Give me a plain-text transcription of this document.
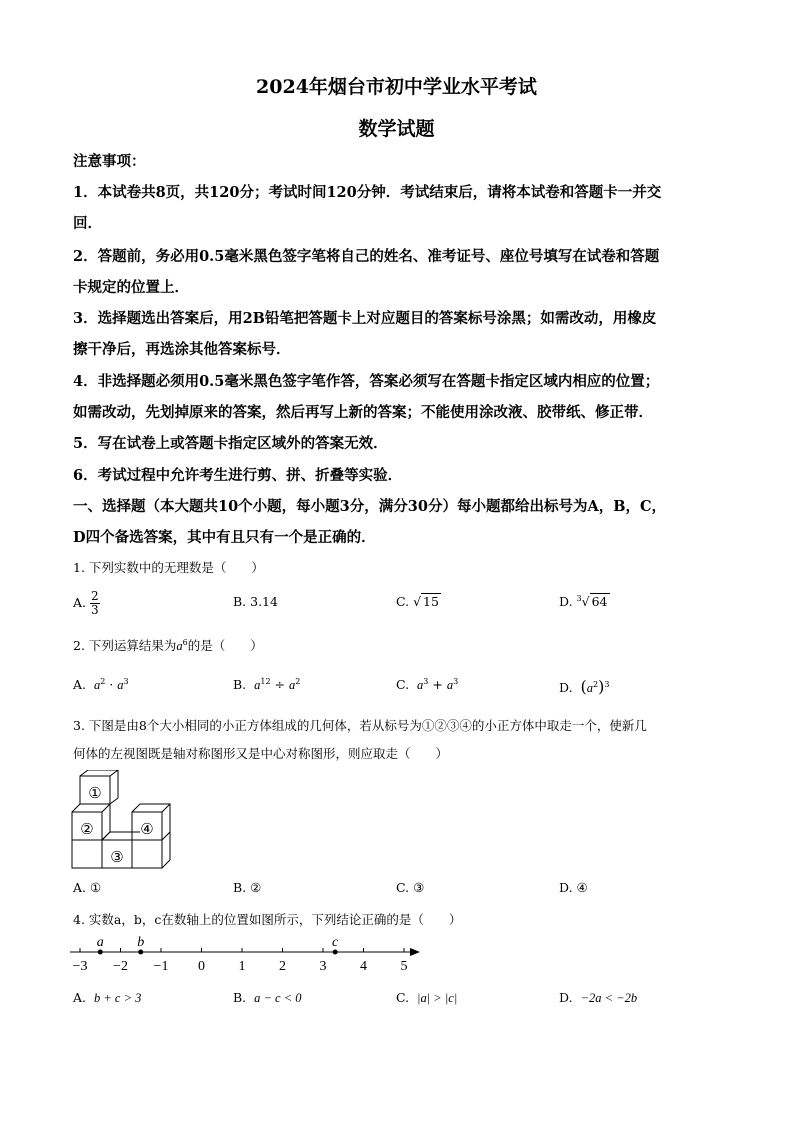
2024年烟台市初中学业水平考试
数学试题
注意事项：
1．本试卷共8页，共120分；考试时间120分钟．考试结束后，请将本试卷和答题卡一并交
回．
2．答题前，务必用0.5毫米黑色签字笔将自己的姓名、准考证号、座位号填写在试卷和答题
卡规定的位置上．
3．选择题选出答案后，用2B铅笔把答题卡上对应题目的答案标号涂黑；如需改动，用橡皮
擦干净后，再选涂其他答案标号．
4．非选择题必须用0.5毫米黑色签字笔作答，答案必须写在答题卡指定区域内相应的位置；
如需改动，先划掉原来的答案，然后再写上新的答案；不能使用涂改液、胶带纸、修正带．
5．写在试卷上或答题卡指定区域外的答案无效．
6．考试过程中允许考生进行剪、拼、折叠等实验．
一、选择题（本大题共10个小题，每小题3分，满分30分）每小题都给出标号为A，B，C，
D四个备选答案，其中有且只有一个是正确的．
1. 下列实数中的无理数是（　　）
A. $\frac{2}{3}$	B. 3.14	C. √ 15	D. $^3$√ 64
2. 下列运算结果为$a^6$的是（　　）
A. $a^2 \cdot a^3$	B. $a^{12} \div a^2$	C. $a^3 + a^3$	D. $(a^2)^3$
3. 下图是由8个大小相同的小正方体组成的几何体，若从标号为①②③④的小正方体中取走一个，使新几
何体的左视图既是轴对称图形又是中心对称图形，则应取走（　　）
①
②
③
④
A. ①	B. ②	C. ③	D. ④
4. 实数a，b，c在数轴上的位置如图所示，下列结论正确的是（　　）
−3 −2 −1 0 1 2 3 4 5
a b	c
A. b + c > 3	B. a − c < 0	C. |a| > |c|	D. −2a < −2b
